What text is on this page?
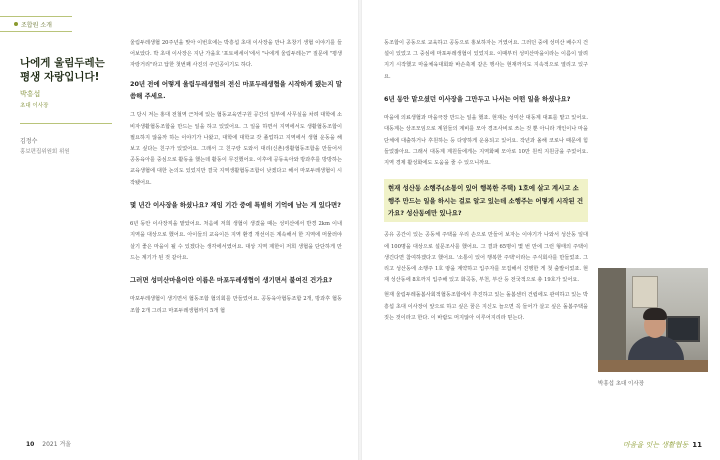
조합원 소개
나에게 울림두레는 평생 자랑입니다!
박흥섭
초대 이사장
김정수
홍보편집위원회 위원

울림두레생협 20주년을 맞아 이번호에는 박흥섭 초대 이사장을 만나 초창기 생협 이야기를 들어보았다. 박 초대 이사장은 지난 가을호 '포토에세이'에서 "나에게 울림두레는?" 질문에 "평생 자랑거리"라고 답한 첫번째 사진의 주인공이기도 하다.

20년 전에 어떻게 울림두레생협의 전신 마포두레생협을 시작하게 됐는지 말씀해 주세요.

그 당시 저는 홍대 전철역 근처에 있는 협동교육연구원 공간의 일부에 사무실을 차려 대학에 소비자생활협동조합을 만드는 일을 하고 있었어요. 그 일을 하면서 지역에서도 생활협동조합이 필요하지 않을까 하는 이야기가 나왔고, 대학에 대학교 갓 졸업하고 지역에서 생협 운동을 해 보고 싶다는 친구가 있었어요. 그래서 그 친구랑 도와서 대리(신촌)생활협동조합을 만들어서 공동육아를 중심으로 활동을 했는데 활동이 무진했어요. 이후에 공동육아와 방과후를 방방하는 교육생협에 대한 논의도 있었지만 결국 지역생활협동조합이 낫겠다고 해서 마포두레생협이 시작됐어요.

몇 년간 이사장을 하셨나요? 재임 기간 중에 특별히 기억에 남는 게 있다면?

6년 동안 이사장직을 맡았어요. 처음에 저희 생협이 생겼을 때는 성미산에서 반경 2km 이내 지역을 대상으로 했어요. 아이들의 교육이든 지역 환경 개선이든 계속해서 한 지역에 머물러야 살기 좋은 마을이 될 수 있겠다는 생각에서였어요. 대상 지역 제한이 저희 생협을 단단하게 만드는 계기가 된 것 같아요.

그러면 성미산마을이란 이름은 마포두레생협이 생기면서 불여진 건가요?

마포두레생협이 생기면서 협동조합 협의회를 만들었어요. 공동육아협동조합 2개, 방과후 협동조합 2개 그리고 마포두레생협까지 5개 협

10 2021 겨울

동조합이 공동으로 교육하고 공동으로 홍보하자는 거였어요. 그러던 중에 성미산 배수지 건설이 있었고 그 중심에 마포두레생협이 있었지요. 이때부터 성미산마을이라는 이름이 알려지기 시작했고 마을체육대회와 바손축제 같은 행사는 현재까지도 지속적으로 열리고 있구요.

6년 동안 맡으셨던 이사장을 그만두고 나서는 어떤 일을 하셨나요?

마을에 의료생협과 마을극장 만드는 일을 했죠. 현재는 성미산 대동계 대표를 맡고 있어요. 대동계는 상조모임으로 계원들의 계비를 모아 경조사비로 쓰는 것 뿐 아니라 개인이나 마을단체에 대출하거나 후원하는 등 다양하게 운용되고 있어요. 작년과 올해 코로나 때문에 힘들었잖아요. 그래서 대동계 계원들에게는 지역화폐 모아로 10만 원씩 지원금을 주었어요. 지역 경제 활성화에도 도움을 줄 수 있으니까요.

현재 성산동 소행주(소통이 있어 행복한 주택) 1호에 살고 계시고 소행주 만드는 일을 하시는 걸로 알고 있는데 소행주는 어떻게 시작된 건가요? 성산동에만 있나요?

공유 공간이 있는 공동체 주택을 우리 손으로 만들어 보자는 이야기가 나와서 성산동 일대에 100명을 대상으로 설문조사를 했어요. 그 결과 65명이 몇 번 만에 그런 형태의 주택이 생긴다면 참여하겠다고 했어요. '소통이 있어 행복한 주택'이라는 주식회사를 만들었죠. 그리고 성산동에 소행주 1호 땅을 계약하고 입주자를 모집해서 진행한 게 첫 출발이었죠. 현재 성산동에 8호까지 입주해 있고 화곡동, 부천, 부산 등 전국적으로 총 19호가 있어요.

현재 울림두레돌봄사회적협동조합에서 추진하고 있는 돌봄센터 건립에도 관여하고 있는 박흥섭 초대 이사장이 앞으로 하고 싶은 꿈은 지신도 늘으면 꼭 들어가 살고 싶은 돌봄주택을 짓는 것이라고 한다. 이 바람도 머지않아 이루어지리라 믿는다.

박흥섭 초대 이사장
마음을 잇는 생활협동 11
